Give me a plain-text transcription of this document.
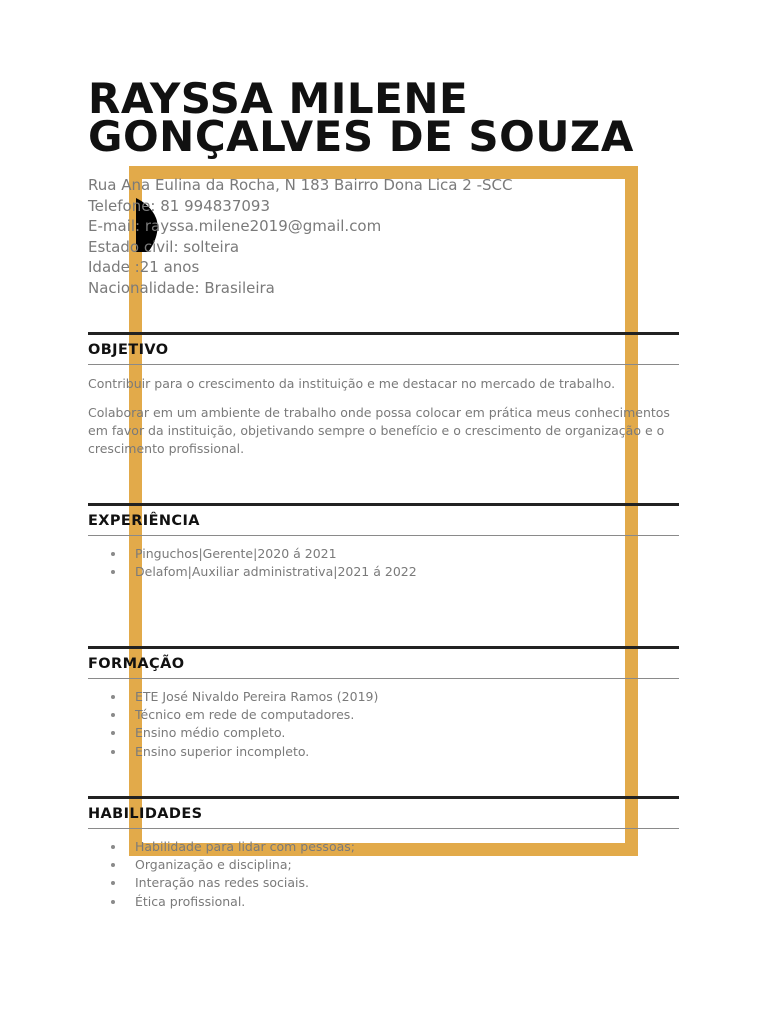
RAYSSA MILENE
GONÇALVES DE SOUZA
Rua Ana Eulina da Rocha, N 183 Bairro Dona Lica 2 -SCC
Telefone: 81 994837093
E-mail: rayssa.milene2019@gmail.com
Estado civil: solteira
Idade :21 anos
Nacionalidade: Brasileira
OBJETIVO

Contribuir para o crescimento da instituição e me destacar no mercado de trabalho.

Colaborar em um ambiente de trabalho onde possa colocar em prática meus conhecimentos em favor da instituição, objetivando sempre o benefício e o crescimento de organização e o crescimento profissional.

EXPERIÊNCIA
Pinguchos|Gerente|2020 á 2021
Delafom|Auxiliar administrativa|2021 á 2022
FORMAÇÃO
ETE José Nivaldo Pereira Ramos (2019)
Técnico em rede de computadores.
Ensino médio completo.
Ensino superior incompleto.
HABILIDADES
Habilidade para lidar com pessoas;
Organização e disciplina;
Interação nas redes sociais.
Ética profissional.
